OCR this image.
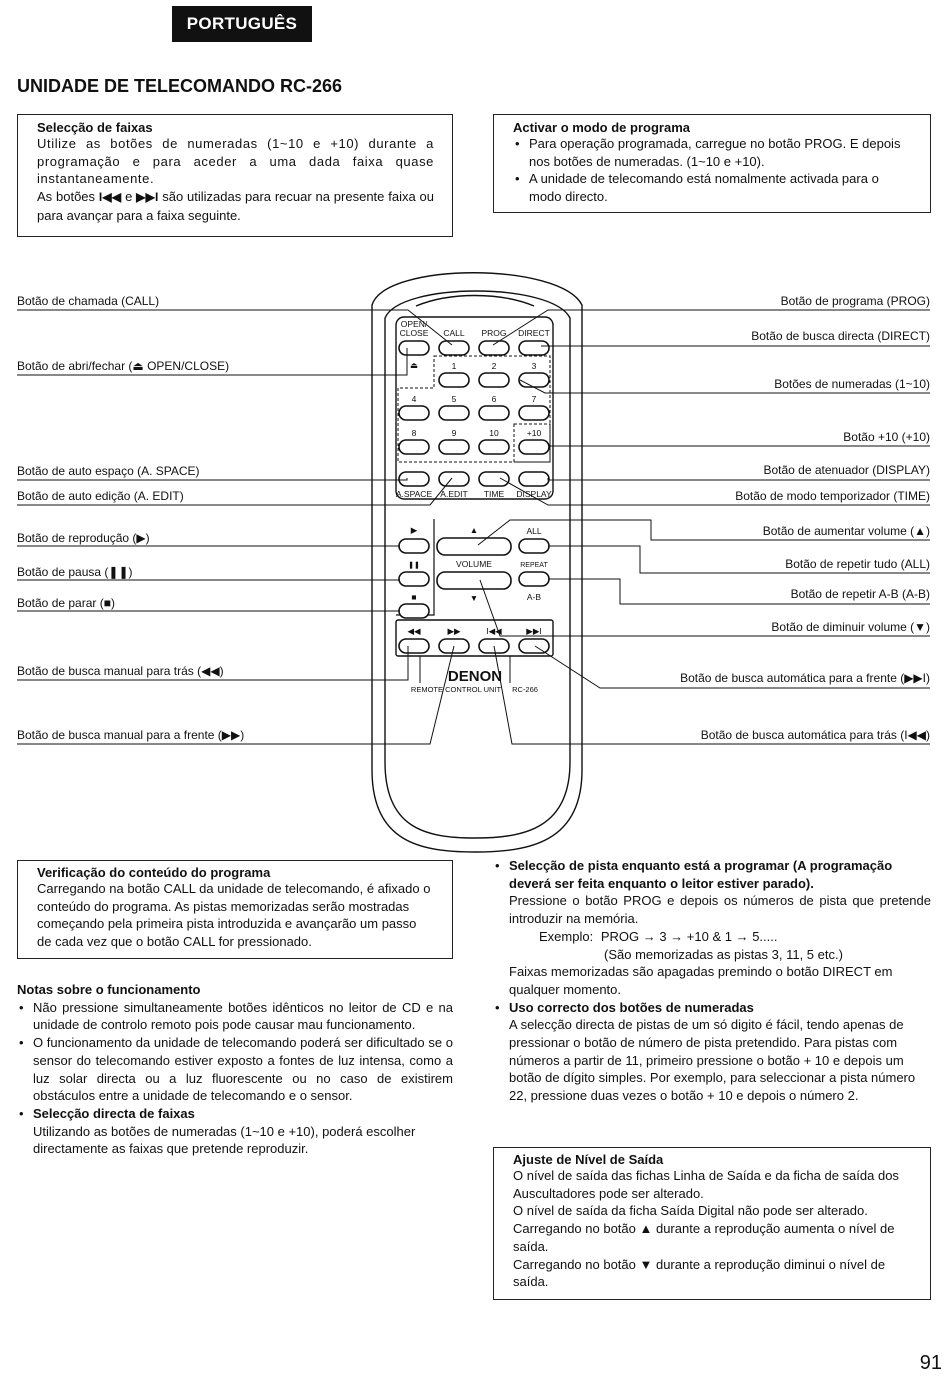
PORTUGUÊS
UNIDADE DE TELECOMANDO RC-266
Selecção de faixas

Utilize as botões de numeradas (1~10 e +10) durante a programação e para aceder a uma dada faixa quase instantaneamente.

As botões I◀◀ e ▶▶I são utilizadas para recuar na presente faixa ou para avançar para a faixa seguinte.

Activar o modo de programa
• Para operação programada, carregue no botão PROG. E depois nos botões de numeradas. (1~10 e +10).
• A unidade de telecomando está nomalmente activada para o modo directo.
OPEN/
CLOSE CALL PROG DIRECT
⏏	1	2	3
4	5	6	7
8	9	10	+10
A.SPACE A.EDIT TIME DISPLAY
▶
❚❚
■
▲
VOLUME
▼
ALL
REPEAT
A-B
◀◀	▶▶	I◀◀	▶▶I
DENON
REMOTE CONTROL UNIT RC-266
Botão de chamada (CALL)
Botão de abri/fechar (⏏ OPEN/CLOSE)
Botão de auto espaço (A. SPACE)
Botão de auto edição (A. EDIT)
Botão de reprodução (▶)
Botão de pausa (❚❚)
Botão de parar (■)
Botão de busca manual para trás (◀◀)
Botão de busca manual para a frente (▶▶)
Botão de programa (PROG)
Botão de busca directa (DIRECT)
Botões de numeradas (1~10)
Botão +10 (+10)
Botão de atenuador (DISPLAY)
Botão de modo temporizador (TIME)
Botão de aumentar volume (▲)
Botão de repetir tudo (ALL)
Botão de repetir A-B (A-B)
Botão de diminuir volume (▼)
Botão de busca automática para a frente (▶▶I)
Botão de busca automática para trás (I◀◀)
Verificação do conteúdo do programa

Carregando na botão CALL da unidade de telecomando, é afixado o conteúdo do programa. As pistas memorizadas serão mostradas começando pela primeira pista introduzida e avançarão um passo de cada vez que o botão CALL for pressionado.

Notas sobre o funcionamento
• Não pressione simultaneamente botões idênticos no leitor de CD e na unidade de controlo remoto pois pode causar mau funcionamento.
• O funcionamento da unidade de telecomando poderá ser dificultado se o sensor do telecomando estiver exposto a fontes de luz intensa, como a luz solar directa ou a luz fluorescente ou no caso de existirem obstáculos entre a unidade de telecomando e o sensor.
• Selecção directa de faixas
Utilizando as botões de numeradas (1~10 e +10), poderá escolher directamente as faixas que pretende reproduzir.
• Selecção de pista enquanto está a programar (A programação deverá ser feita enquanto o leitor estiver parado).
Pressione o botão PROG e depois os números de pista que pretende introduzir na memória.
Exemplo: PROG → 3 → +10 & 1 → 5.....
(São memorizadas as pistas 3, 11, 5 etc.)
Faixas memorizadas são apagadas premindo o botão DIRECT em qualquer momento.
• Uso correcto dos botões de numeradas
A selecção directa de pistas de um só digito é fácil, tendo apenas de pressionar o botão de número de pista pretendido. Para pistas com números a partir de 11, primeiro pressione o botão + 10 e depois um botão de dígito simples. Por exemplo, para seleccionar a pista número 22, pressione duas vezes o botão + 10 e depois o número 2.
Ajuste de Nível de Saída

O nível de saída das fichas Linha de Saída e da ficha de saída dos Auscultadores pode ser alterado.

O nível de saída da ficha Saída Digital não pode ser alterado.

Carregando no botão ▲ durante a reprodução aumenta o nível de saída.

Carregando no botão ▼ durante a reprodução diminui o nível de saída.

91
